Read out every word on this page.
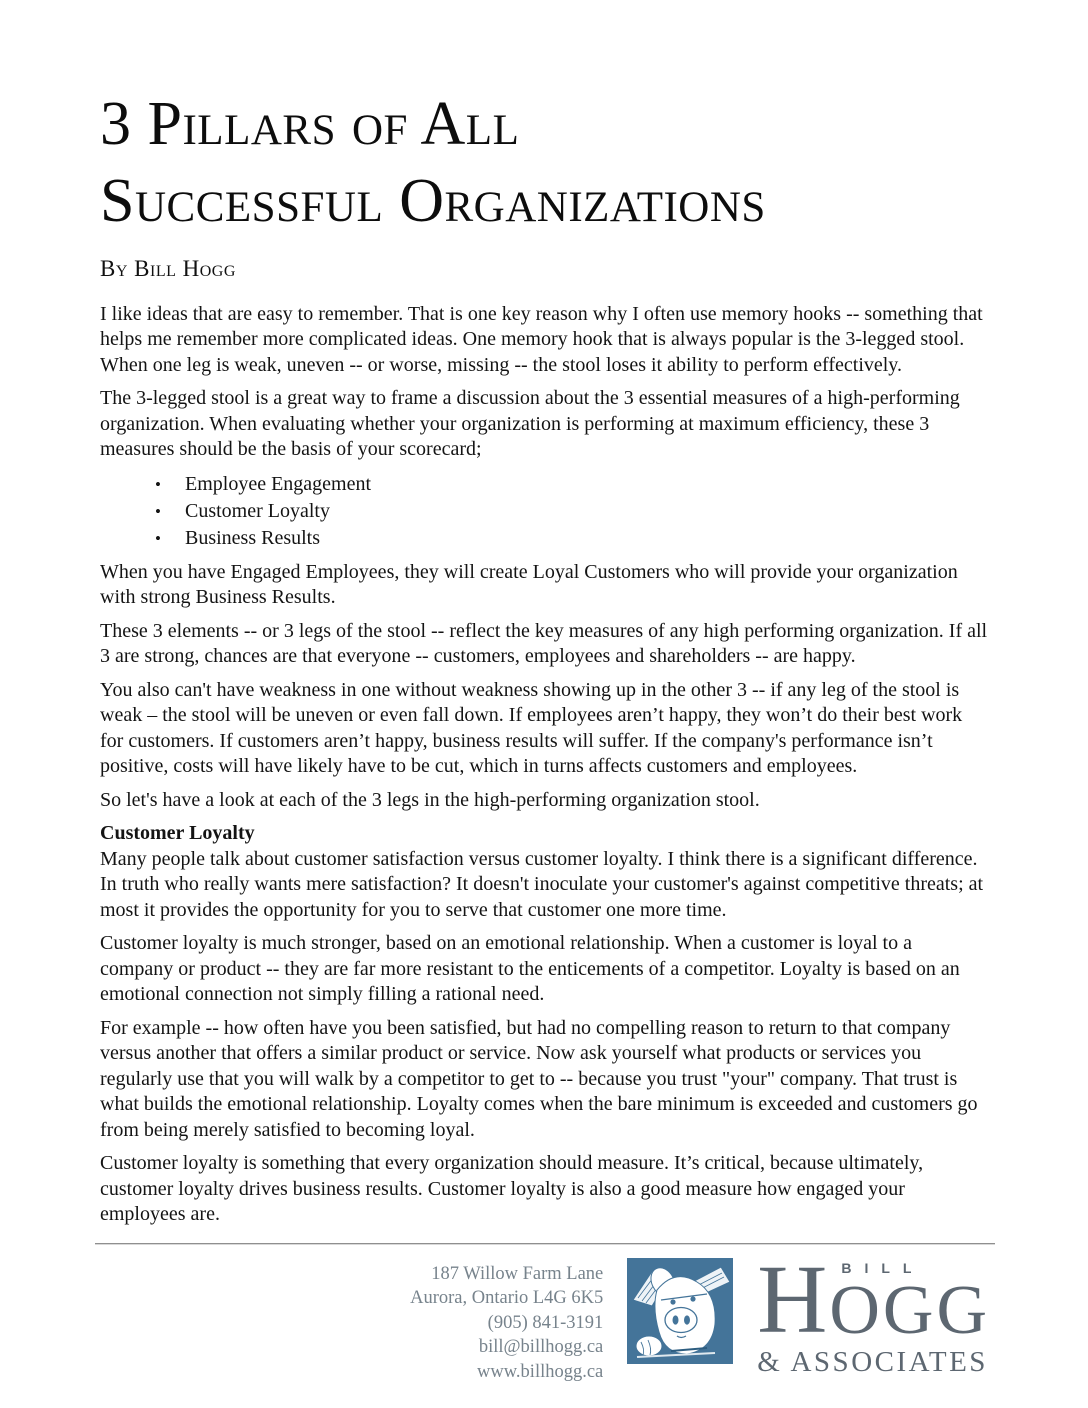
3 Pillars of All
Successful Organizations
By Bill Hogg

I like ideas that are easy to remember. That is one key reason why I often use memory hooks -- something that helps me remember more complicated ideas. One memory hook that is always popular is the 3-legged stool. When one leg is weak, uneven -- or worse, missing -- the stool loses it ability to perform effectively.

The 3-legged stool is a great way to frame a discussion about the 3 essential measures of a high-performing organization. When evaluating whether your organization is performing at maximum efficiency, these 3 measures should be the basis of your scorecard;

•	Employee Engagement
•	Customer Loyalty
•	Business Results

When you have Engaged Employees, they will create Loyal Customers who will provide your organization with strong Business Results.

These 3 elements -- or 3 legs of the stool -- reflect the key measures of any high performing organization. If all 3 are strong, chances are that everyone -- customers, employees and shareholders -- are happy.

You also can't have weakness in one without weakness showing up in the other 3 -- if any leg of the stool is weak – the stool will be uneven or even fall down. If employees aren’t happy, they won’t do their best work for customers. If customers aren’t happy, business results will suffer. If the company's performance isn’t positive, costs will have likely have to be cut, which in turns affects customers and employees.

So let's have a look at each of the 3 legs in the high-performing organization stool.

Customer Loyalty

Many people talk about customer satisfaction versus customer loyalty. I think there is a significant difference. In truth who really wants mere satisfaction? It doesn't inoculate your customer's against competitive threats; at most it provides the opportunity for you to serve that customer one more time.

Customer loyalty is much stronger, based on an emotional relationship. When a customer is loyal to a company or product -- they are far more resistant to the enticements of a competitor. Loyalty is based on an emotional connection not simply filling a rational need.

For example -- how often have you been satisfied, but had no compelling reason to return to that company versus another that offers a similar product or service. Now ask yourself what products or services you regularly use that you will walk by a competitor to get to -- because you trust "your" company. That trust is what builds the emotional relationship. Loyalty comes when the bare minimum is exceeded and customers go from being merely satisfied to becoming loyal.

Customer loyalty is something that every organization should measure. It’s critical, because ultimately, customer loyalty drives business results. Customer loyalty is also a good measure how engaged your employees are.

187 Willow Farm Lane
Aurora, Ontario L4G 6K5
(905) 841-3191
bill@billhogg.ca
www.billhogg.ca
H BILL
OGG
& ASSOCIATES
